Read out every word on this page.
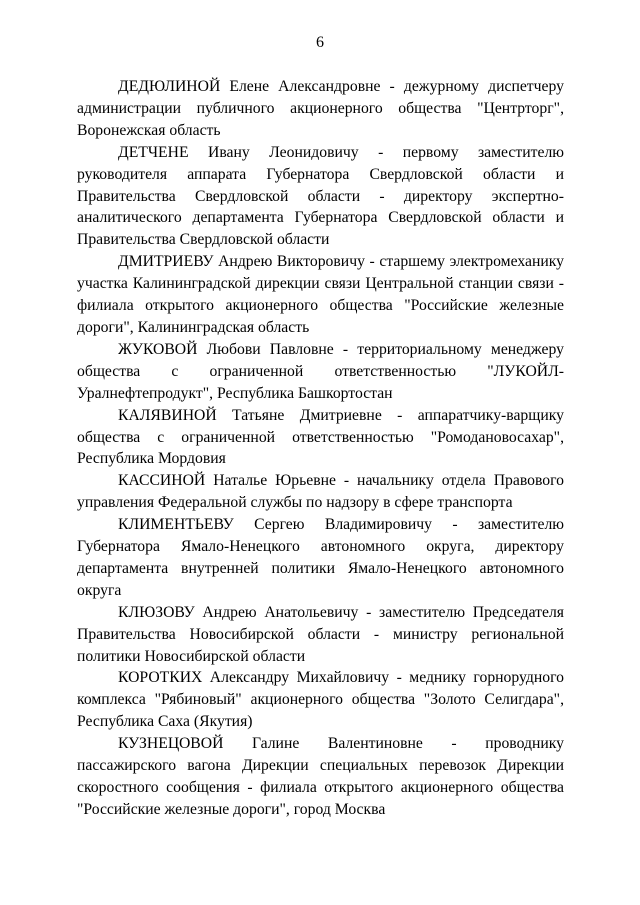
6

ДЕДЮЛИНОЙ Елене Александровне - дежурному диспетчеру администрации публичного акционерного общества "Центрторг", Воронежская область

ДЕТЧЕНЕ Ивану Леонидовичу - первому заместителю руководителя аппарата Губернатора Свердловской области и Правительства Свердловской области - директору экспертно-аналитического департамента Губернатора Свердловской области и Правительства Свердловской области

ДМИТРИЕВУ Андрею Викторовичу - старшему электромеханику участка Калининградской дирекции связи Центральной станции связи - филиала открытого акционерного общества "Российские железные дороги", Калининградская область

ЖУКОВОЙ Любови Павловне - территориальному менеджеру общества с ограниченной ответственностью "ЛУКОЙЛ-Уралнефтепродукт", Республика Башкортостан

КАЛЯВИНОЙ Татьяне Дмитриевне - аппаратчику-варщику общества с ограниченной ответственностью "Ромодановосахар", Республика Мордовия

КАССИНОЙ Наталье Юрьевне - начальнику отдела Правового управления Федеральной службы по надзору в сфере транспорта

КЛИМЕНТЬЕВУ Сергею Владимировичу - заместителю Губернатора Ямало-Ненецкого автономного округа, директору департамента внутренней политики Ямало-Ненецкого автономного округа

КЛЮЗОВУ Андрею Анатольевичу - заместителю Председателя Правительства Новосибирской области - министру региональной политики Новосибирской области

КОРОТКИХ Александру Михайловичу - меднику горнорудного комплекса "Рябиновый" акционерного общества "Золото Селигдара", Республика Саха (Якутия)

КУЗНЕЦОВОЙ Галине Валентиновне - проводнику пассажирского вагона Дирекции специальных перевозок Дирекции скоростного сообщения - филиала открытого акционерного общества "Российские железные дороги", город Москва
